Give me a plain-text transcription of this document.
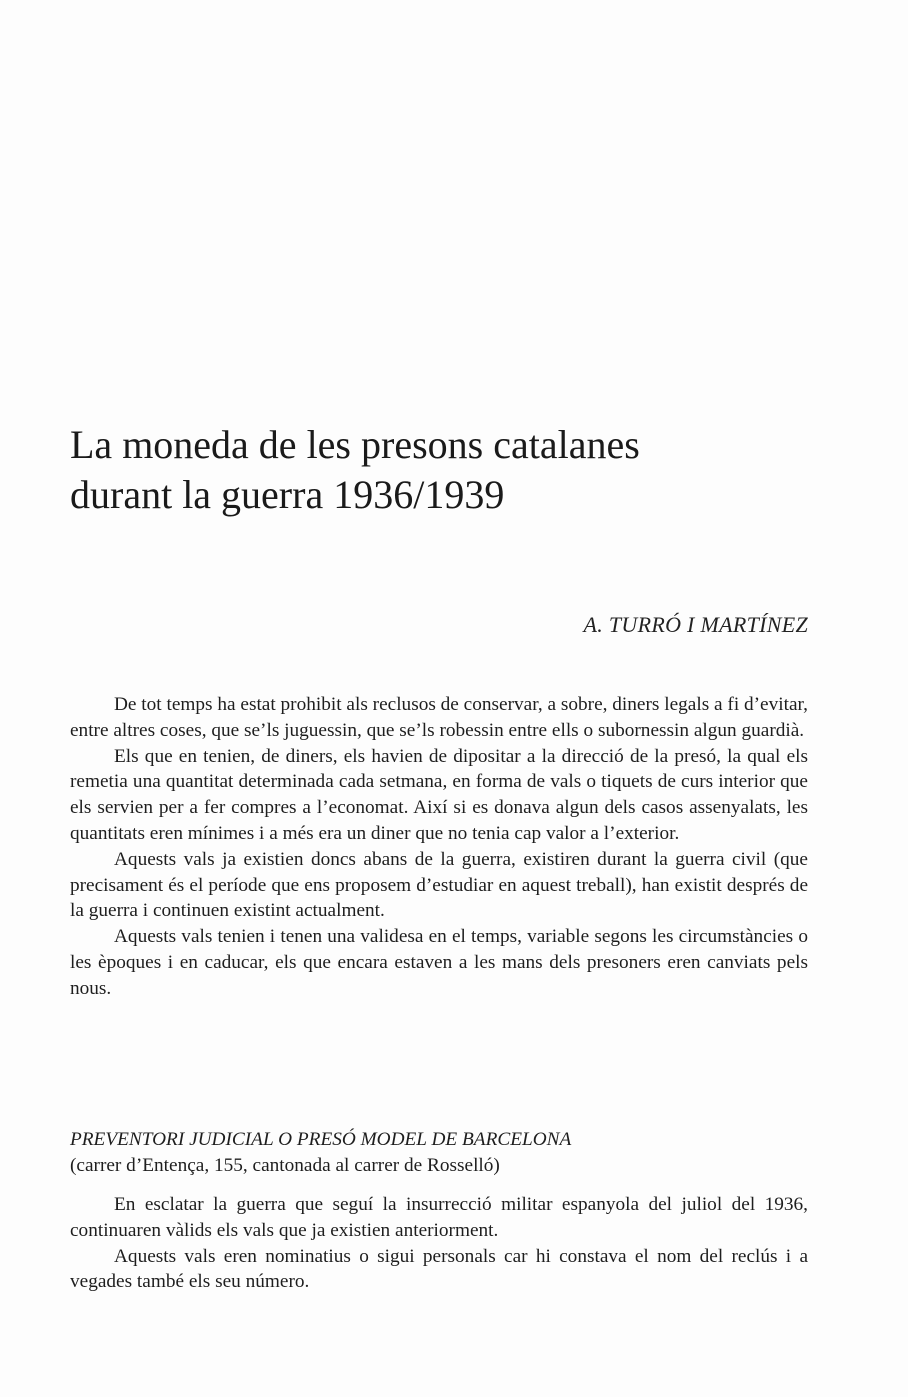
La moneda de les presons catalanes
durant la guerra 1936/1939
A. TURRÓ I MARTÍNEZ

De tot temps ha estat prohibit als reclusos de conservar, a sobre, diners legals a fi d’evitar, entre altres coses, que se’ls juguessin, que se’ls robessin entre ells o subornessin algun guardià.

Els que en tenien, de diners, els havien de dipositar a la direcció de la presó, la qual els remetia una quantitat determinada cada setmana, en forma de vals o tiquets de curs interior que els servien per a fer compres a l’economat. Així si es donava algun dels casos assenyalats, les quantitats eren mínimes i a més era un diner que no tenia cap valor a l’exterior.

Aquests vals ja existien doncs abans de la guerra, existiren durant la guerra civil (que precisament és el període que ens proposem d’estudiar en aquest treball), han existit després de la guerra i continuen existint actualment.

Aquests vals tenien i tenen una validesa en el temps, variable segons les circumstàncies o les èpoques i en caducar, els que encara estaven a les mans dels presoners eren canviats pels nous.

PREVENTORI JUDICIAL O PRESÓ MODEL DE BARCELONA
(carrer d’Entença, 155, cantonada al carrer de Rosselló)

En esclatar la guerra que seguí la insurrecció militar espanyola del juliol del 1936, continuaren vàlids els vals que ja existien anteriorment.

Aquests vals eren nominatius o sigui personals car hi constava el nom del reclús i a vegades també els seu número.
